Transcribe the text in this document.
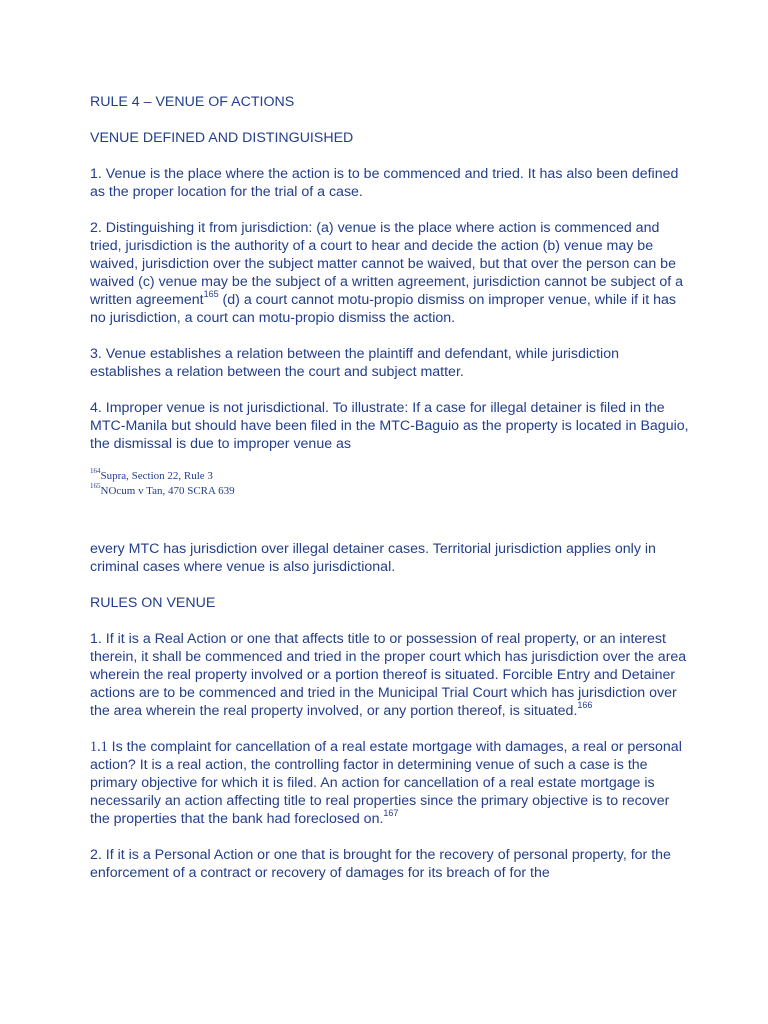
RULE 4 – VENUE OF ACTIONS

VENUE DEFINED AND DISTINGUISHED

1. Venue is the place where the action is to be commenced and tried. It has also been defined as the proper location for the trial of a case.

2. Distinguishing it from jurisdiction: (a) venue is the place where action is commenced and tried, jurisdiction is the authority of a court to hear and decide the action (b) venue may be waived, jurisdiction over the subject matter cannot be waived, but that over the person can be waived (c) venue may be the subject of a written agreement, jurisdiction cannot be subject of a written agreement$^{165}$ (d) a court cannot motu-propio dismiss on improper venue, while if it has no jurisdiction, a court can motu-propio dismiss the action.

3. Venue establishes a relation between the plaintiff and defendant, while jurisdiction establishes a relation between the court and subject matter.

4. Improper venue is not jurisdictional. To illustrate: If a case for illegal detainer is filed in the MTC-Manila but should have been filed in the MTC-Baguio as the property is located in Baguio, the dismissal is due to improper venue as

$^{164}$Supra, Section 22, Rule 3
$^{165}$NOcum v Tan, 470 SCRA 639

every MTC has jurisdiction over illegal detainer cases. Territorial jurisdiction applies only in criminal cases where venue is also jurisdictional.

RULES ON VENUE

1. If it is a Real Action or one that affects title to or possession of real property, or an interest therein, it shall be commenced and tried in the proper court which has jurisdiction over the area wherein the real property involved or a portion thereof is situated. Forcible Entry and Detainer actions are to be commenced and tried in the Municipal Trial Court which has jurisdiction over the area wherein the real property involved, or any portion thereof, is situated.$^{166}$

1.1 Is the complaint for cancellation of a real estate mortgage with damages, a real or personal action? It is a real action, the controlling factor in determining venue of such a case is the primary objective for which it is filed. An action for cancellation of a real estate mortgage is necessarily an action affecting title to real properties since the primary objective is to recover the properties that the bank had foreclosed on.$^{167}$

2. If it is a Personal Action or one that is brought for the recovery of personal property, for the enforcement of a contract or recovery of damages for its breach of for the
